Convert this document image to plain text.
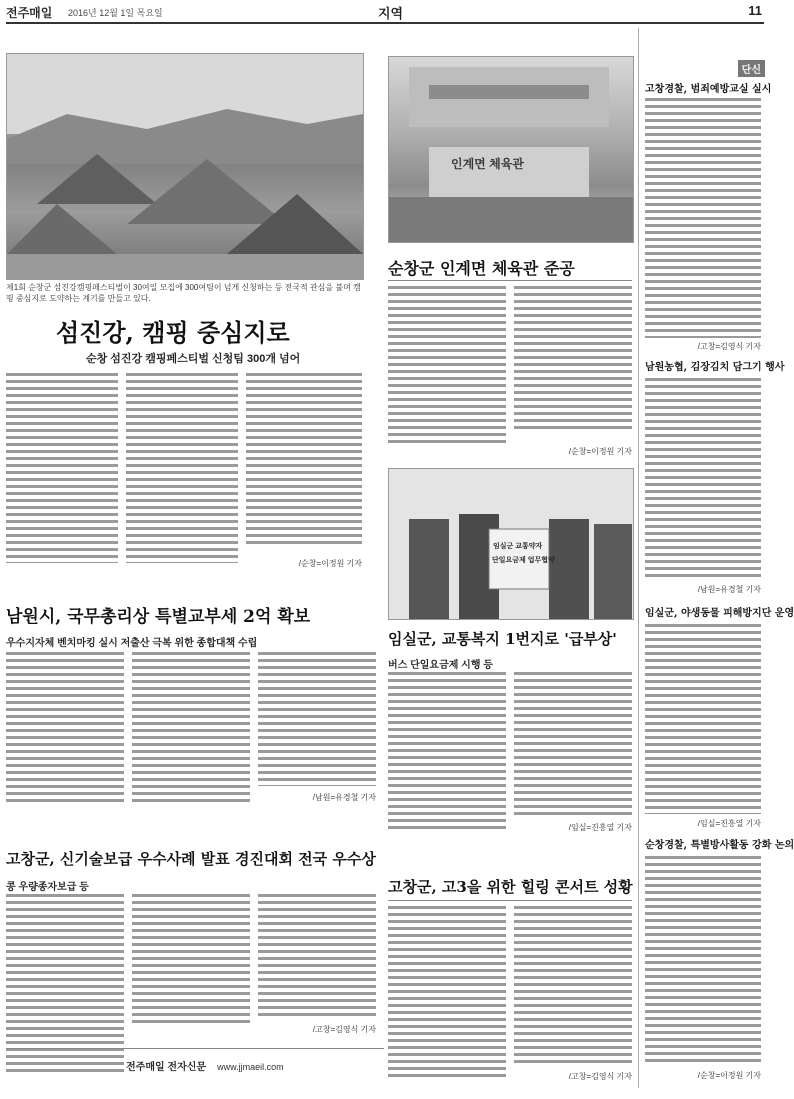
전주매일 2016년 12월 1일 목요일	지역	11
제1회 순창군 섬진강캠핑페스티벌이 30여일 모집에 300여팀이 넘게 신청하는 등 전국적 관심을 불며 캠핑 중심지로 도약하는 계기를 만들고 있다.
섬진강, 캠핑 중심지로
순창 섬진강 캠핑페스티벌 신청팀 300개 넘어
/순창=이정원 기자
인계면 체육관
순창군 인계면 체육관 준공
/순창=이정원 기자
남원시, 국무총리상 특별교부세 2억 확보
우수지자체 벤치마킹 실시 저출산 극복 위한 종합대책 수립
/남원=유경철 기자
임실군 교통약자
단일요금제 업무협약
임실군, 교통복지 1번지로 '급부상'
버스 단일요금제 시행 등
/임실=진흥열 기자
고창군, 신기술보급 우수사례 발표 경진대회 전국 우수상
콩 우량종자보급 등
/고창=김영식 기자
전주매일 전자신문 www.jjmaeil.com
고창군, 고3을 위한 힐링 콘서트 성황
/고창=김영식 기자
단신
고창경찰, 범죄예방교실 실시
/고창=김영식 기자
남원농협, 김장김치 담그기 행사
/남원=유경철 기자
임실군, 야생동물 피해방지단 운영
/임실=진흥열 기자
순창경찰, 특별방사활동 강화 논의
/순창=이정원 기자
